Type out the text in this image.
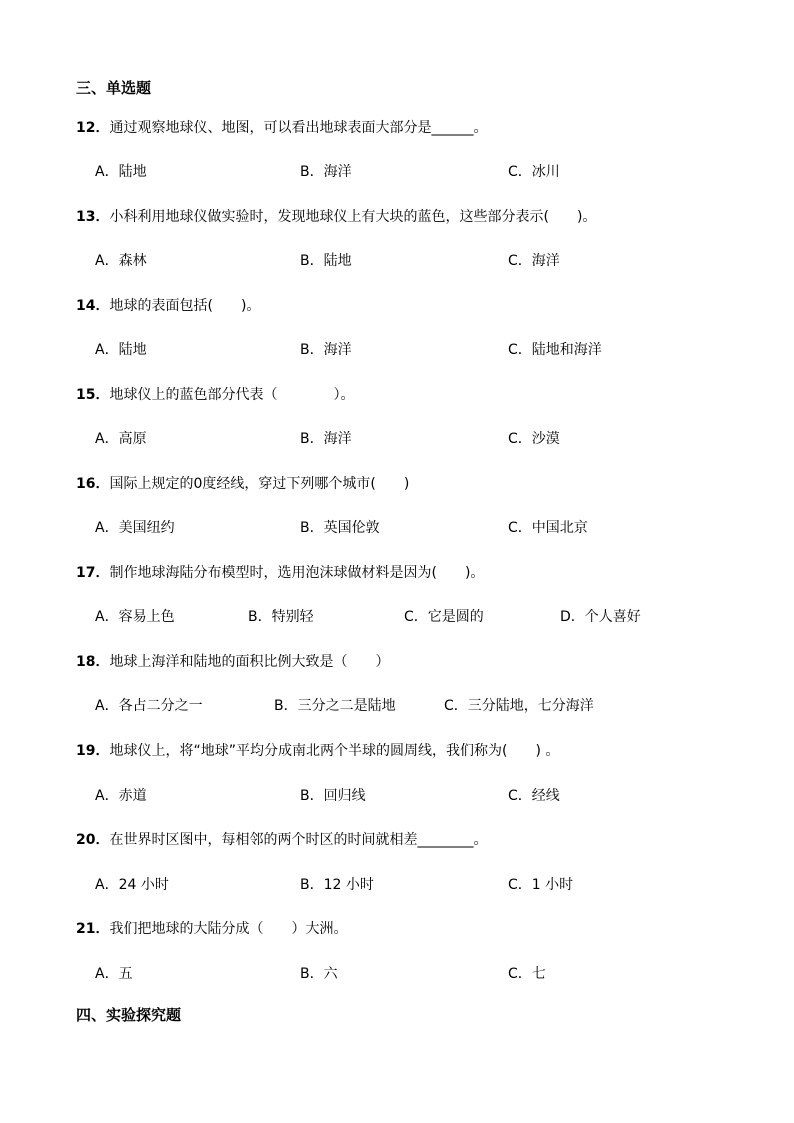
三、单选题
12．通过观察地球仪、地图，可以看出地球表面大部分是______。
A．陆地	B．海洋	C．冰川
13．小科利用地球仪做实验时，发现地球仪上有大块的蓝色，这些部分表示(　　)。
A．森林	B．陆地	C．海洋
14．地球的表面包括(　　)。
A．陆地	B．海洋	C．陆地和海洋
15．地球仪上的蓝色部分代表（　　　　）。
A．高原	B．海洋	C．沙漠
16．国际上规定的0度经线，穿过下列哪个城市(　　)
A．美国纽约	B．英国伦敦	C．中国北京
17．制作地球海陆分布模型时，选用泡沫球做材料是因为(　　)。
A．容易上色	B．特别轻	C．它是圆的	D．个人喜好
18．地球上海洋和陆地的面积比例大致是（　　）
A．各占二分之一	B．三分之二是陆地	C．三分陆地，七分海洋
19．地球仪上，将“地球”平均分成南北两个半球的圆周线，我们称为(　　) 。
A．赤道	B．回归线	C．经线
20．在世界时区图中，每相邻的两个时区的时间就相差________。
A．24 小时	B．12 小时	C．1 小时
21．我们把地球的大陆分成（　　）大洲。
A．五	B．六	C．七
四、实验探究题
